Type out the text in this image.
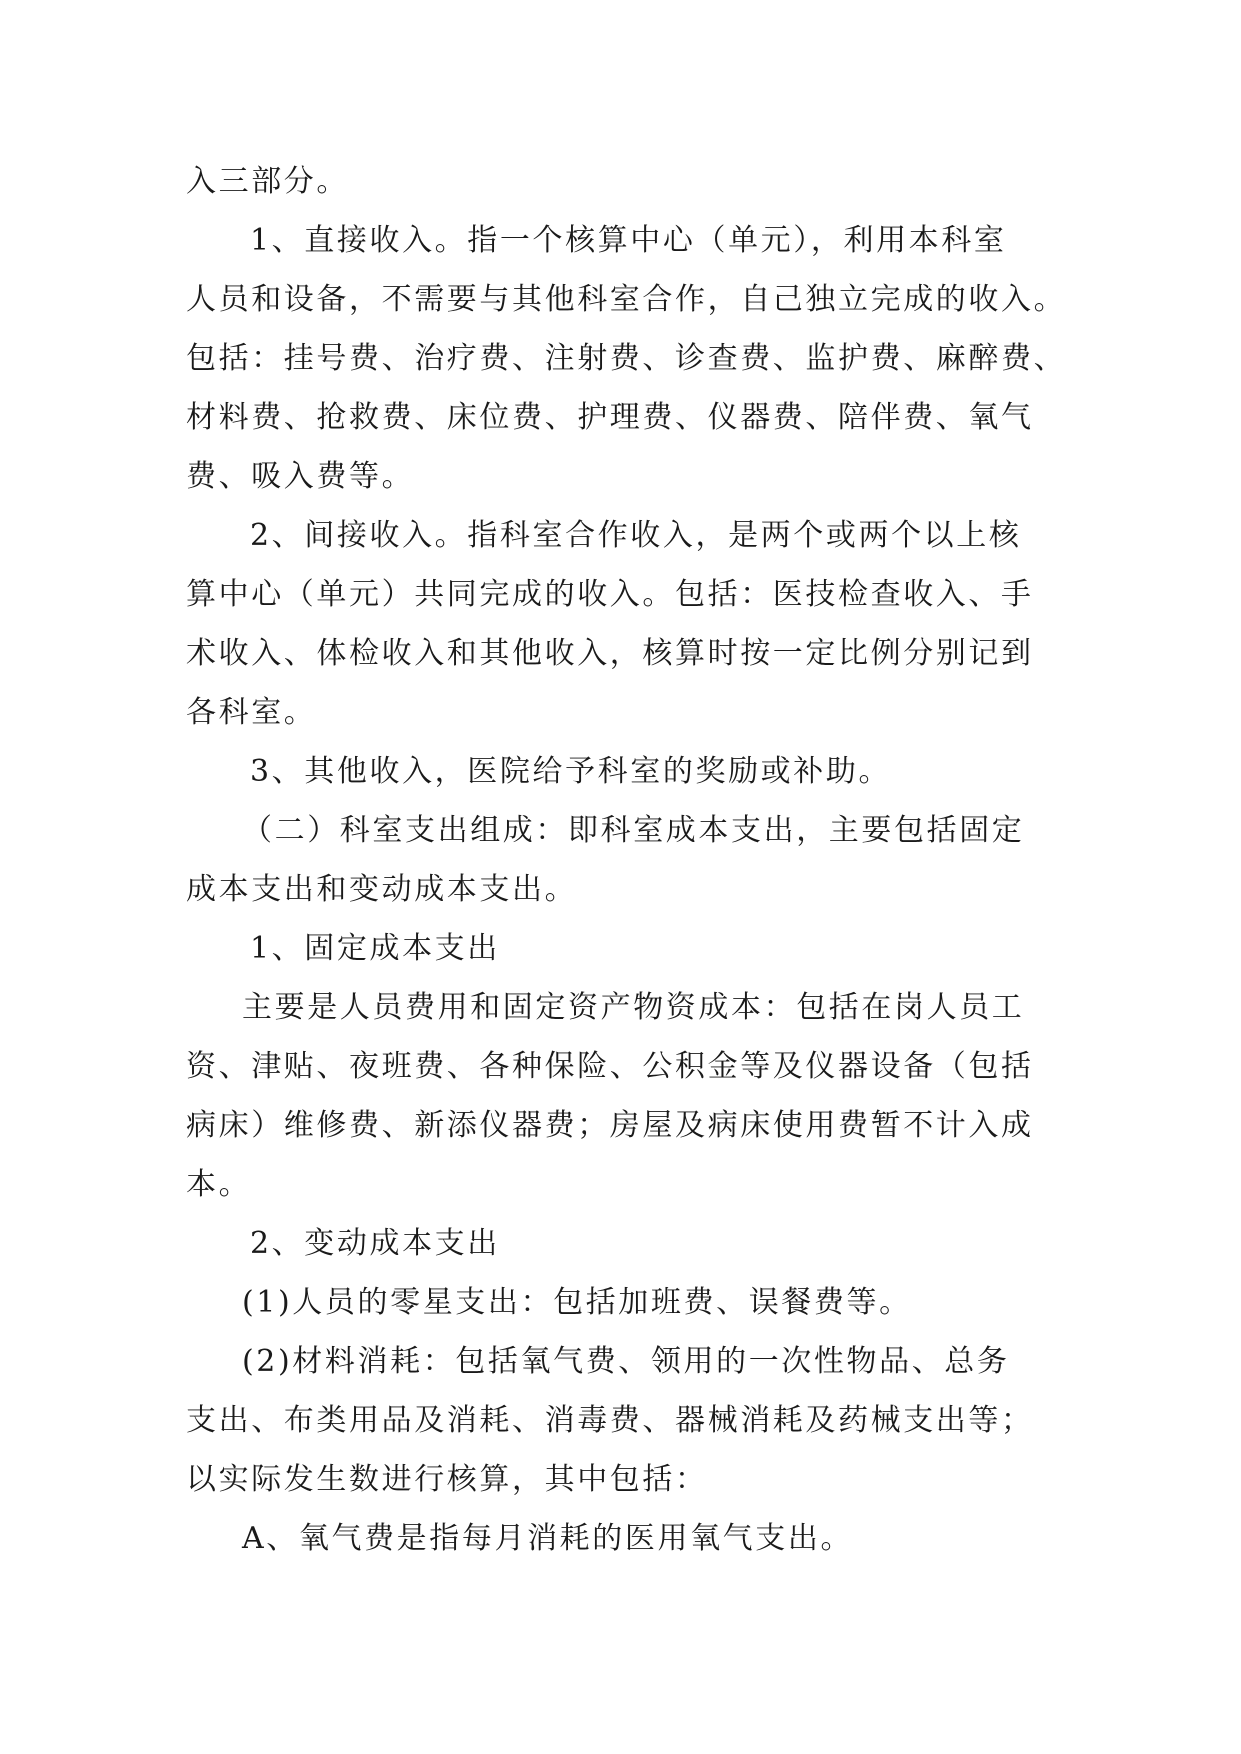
入三部分。
1、直接收入。指一个核算中心（单元），利用本科室
人员和设备，不需要与其他科室合作，自己独立完成的收入。
包括：挂号费、治疗费、注射费、诊查费、监护费、麻醉费、
材料费、抢救费、床位费、护理费、仪器费、陪伴费、氧气
费、吸入费等。
2、间接收入。指科室合作收入，是两个或两个以上核
算中心（单元）共同完成的收入。包括：医技检查收入、手
术收入、体检收入和其他收入，核算时按一定比例分别记到
各科室。
3、其他收入，医院给予科室的奖励或补助。
（二）科室支出组成：即科室成本支出，主要包括固定
成本支出和变动成本支出。
1、固定成本支出
主要是人员费用和固定资产物资成本：包括在岗人员工
资、津贴、夜班费、各种保险、公积金等及仪器设备（包括
病床）维修费、新添仪器费；房屋及病床使用费暂不计入成
本。
2、变动成本支出
(1)人员的零星支出：包括加班费、误餐费等。
(2)材料消耗：包括氧气费、领用的一次性物品、总务
支出、布类用品及消耗、消毒费、器械消耗及药械支出等；
以实际发生数进行核算，其中包括：
A、氧气费是指每月消耗的医用氧气支出。
